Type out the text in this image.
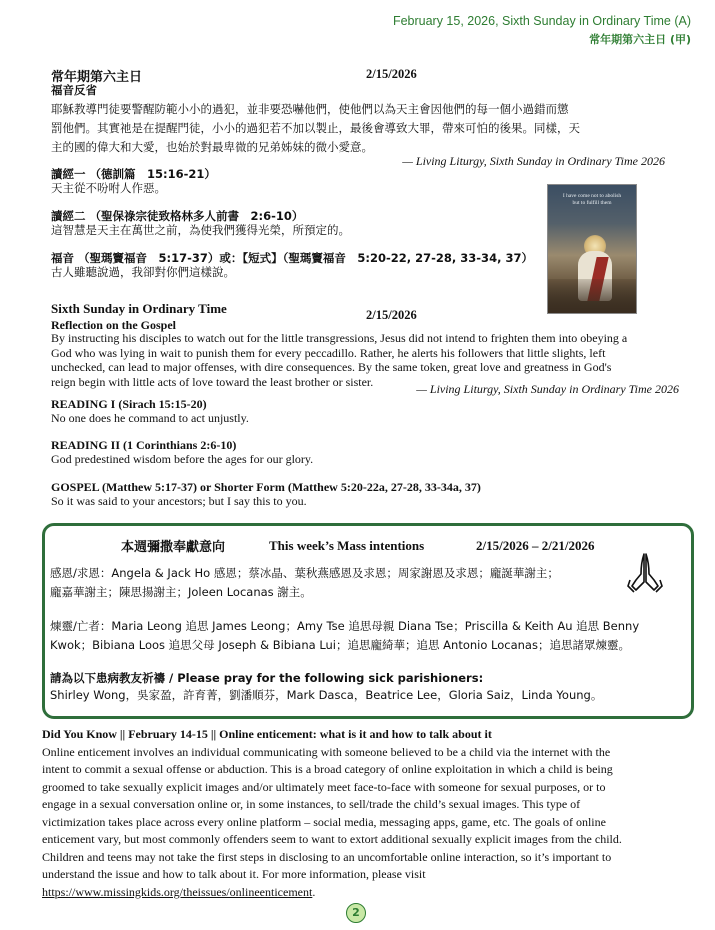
February 15, 2026, Sixth Sunday in Ordinary Time (A)
常年期第六主日 (甲)
常年期第六主日	2/15/2026
福音反省
耶穌教導門徒要警醒防範小小的過犯，並非要恐嚇他們，使他們以為天主會因他們的每一個小過錯而懲
罰他們。其實祂是在提醒門徒，小小的過犯若不加以製止，最後會導致大罪，帶來可怕的後果。同樣，天
主的國的偉大和大愛，也始於對最卑微的兄弟姊妹的微小愛意。
— Living Liturgy, Sixth Sunday in Ordinary Time 2026
讀經一 （德訓篇　15:16-21）
天主從不吩咐人作惡。
讀經二 （聖保祿宗徒致格林多人前書　2:6-10）
這智慧是天主在萬世之前，為使我們獲得光榮，所預定的。
福音 （聖瑪竇福音　5:17-37）或：【短式】（聖瑪竇福音　5:20-22, 27-28, 33-34, 37）
古人雖聽說過，我卻對你們這樣說。
I have come not to abolish
but to fulfill them
Sixth Sunday in Ordinary Time	2/15/2026
Reflection on the Gospel
By instructing his disciples to watch out for the little transgressions, Jesus did not intend to frighten them into obeying a
God who was lying in wait to punish them for every peccadillo. Rather, he alerts his followers that little slights, left
unchecked, can lead to major offenses, with dire consequences. By the same token, great love and greatness in God's
reign begin with little acts of love toward the least brother or sister.
— Living Liturgy, Sixth Sunday in Ordinary Time 2026
READING I (Sirach 15:15-20)
No one does he command to act unjustly.
READING II (1 Corinthians 2:6-10)
God predestined wisdom before the ages for our glory.
GOSPEL (Matthew 5:17-37) or Shorter Form (Matthew 5:20-22a, 27-28, 33-34a, 37)
So it was said to your ancestors; but I say this to you.
本週彌撒奉獻意向	This week’s Mass intentions	2/15/2026 – 2/21/2026
感恩/求恩：Angela & Jack Ho 感恩；蔡冰晶、葉秋燕感恩及求恩；周家謝恩及求恩；龐誕華謝主；
龐嘉華謝主；陳思揚謝主；Joleen Locanas 謝主。
煉靈/亡者：Maria Leong 追思 James Leong；Amy Tse 追思母親 Diana Tse；Priscilla & Keith Au 追思 Benny
Kwok；Bibiana Loos 追思父母 Joseph & Bibiana Lui；追思龐綺華；追思 Antonio Locanas；追思諸眾煉靈。
請為以下患病教友祈禱 / Please pray for the following sick parishioners:
Shirley Wong，吳家盈，許育菁，劉潘順芬，Mark Dasca，Beatrice Lee，Gloria Saiz，Linda Young。
Did You Know || February 14-15 || Online enticement: what is it and how to talk about it
Online enticement involves an individual communicating with someone believed to be a child via the internet with the
intent to commit a sexual offense or abduction. This is a broad category of online exploitation in which a child is being
groomed to take sexually explicit images and/or ultimately meet face-to-face with someone for sexual purposes, or to
engage in a sexual conversation online or, in some instances, to sell/trade the child’s sexual images. This type of
victimization takes place across every online platform – social media, messaging apps, game, etc. The goals of online
enticement vary, but most commonly offenders seem to want to extort additional sexually explicit images from the child.
Children and teens may not take the first steps in disclosing to an uncomfortable online interaction, so it’s important to
understand the issue and how to talk about it. For more information, please visit
https://www.missingkids.org/theissues/onlineenticement.
2
